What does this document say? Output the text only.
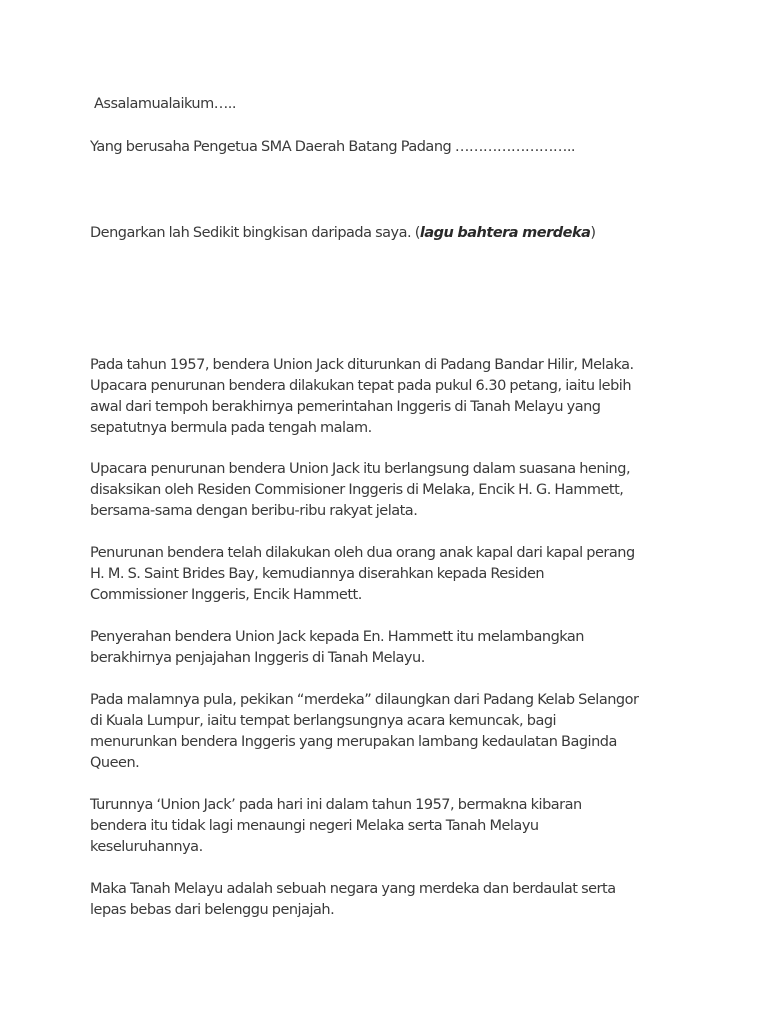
Assalamualaikum…..

Yang berusaha Pengetua SMA Daerah Batang Padang ……………………..

Dengarkan lah Sedikit bingkisan daripada saya. (lagu bahtera merdeka)

Pada tahun 1957, bendera Union Jack diturunkan di Padang Bandar Hilir, Melaka.
Upacara penurunan bendera dilakukan tepat pada pukul 6.30 petang, iaitu lebih
awal dari tempoh berakhirnya pemerintahan Inggeris di Tanah Melayu yang
sepatutnya bermula pada tengah malam.
Upacara penurunan bendera Union Jack itu berlangsung dalam suasana hening,
disaksikan oleh Residen Commisioner Inggeris di Melaka, Encik H. G. Hammett,
bersama-sama dengan beribu-ribu rakyat jelata.
Penurunan bendera telah dilakukan oleh dua orang anak kapal dari kapal perang
H. M. S. Saint Brides Bay, kemudiannya diserahkan kepada Residen
Commissioner Inggeris, Encik Hammett.
Penyerahan bendera Union Jack kepada En. Hammett itu melambangkan
berakhirnya penjajahan Inggeris di Tanah Melayu.
Pada malamnya pula, pekikan “merdeka” dilaungkan dari Padang Kelab Selangor
di Kuala Lumpur, iaitu tempat berlangsungnya acara kemuncak, bagi
menurunkan bendera Inggeris yang merupakan lambang kedaulatan Baginda
Queen.
Turunnya ‘Union Jack’ pada hari ini dalam tahun 1957, bermakna kibaran
bendera itu tidak lagi menaungi negeri Melaka serta Tanah Melayu
keseluruhannya.
Maka Tanah Melayu adalah sebuah negara yang merdeka dan berdaulat serta
lepas bebas dari belenggu penjajah.
